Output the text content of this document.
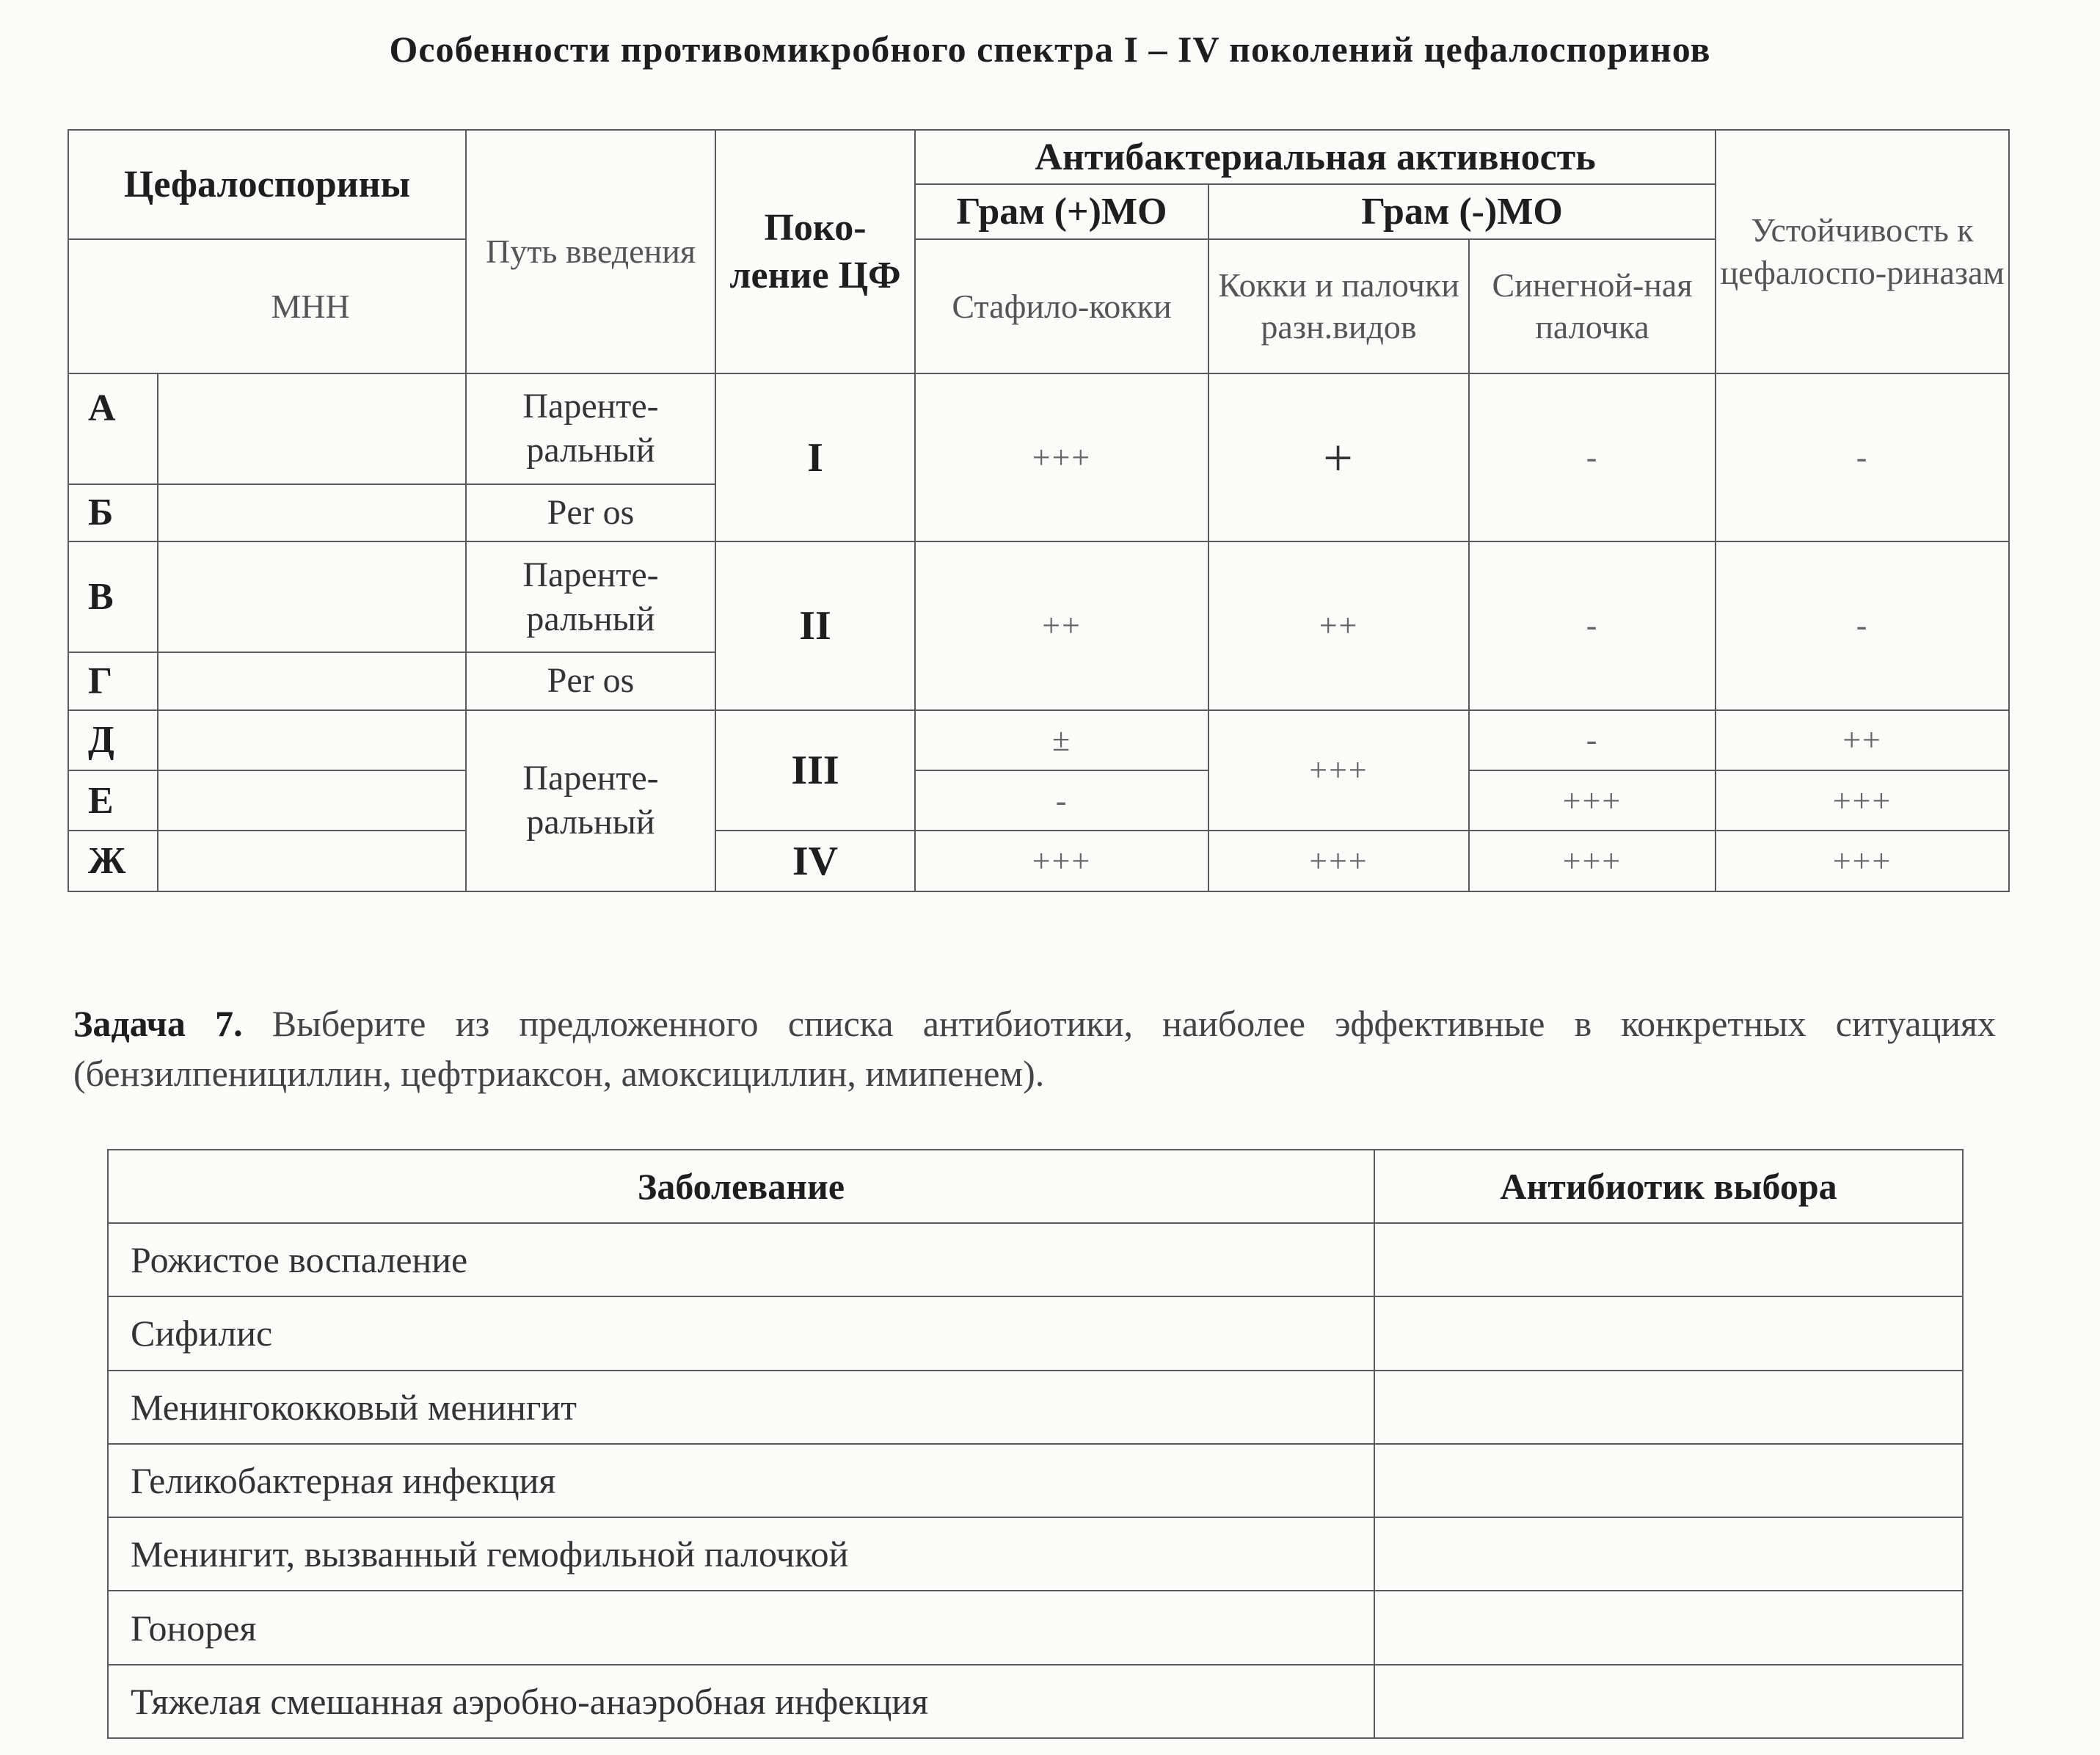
Особенности противомикробного спектра I – IV поколений цефалоспоринов
Цефалоспорины		Путь введения	Поко-ление ЦФ	Антибактериальная активность			Устойчивость к цефалоспо-риназам
				Грам (+)МО	Грам (-)МО		
МНН				Стафило-кокки	Кокки и палочки разн.видов	Синегной-ная палочка	

А		Паренте-ральный	I	+++	+	-	-
Б		Per os					
В		Паренте-ральный	II	++	++	-	-
Г		Per os					
Д		Паренте-ральный	III	±	+++	-	++
Е				-		+++	+++
Ж			IV	+++	+++	+++	+++
Задача 7. Выберите из предложенного списка антибиотики, наиболее эффективные в конкретных ситуациях (бензилпенициллин, цефтриаксон, амоксициллин, имипенем).
Заболевание	Антибиотик выбора
Рожистое воспаление	
Сифилис	
Менингококковый менингит	
Геликобактерная инфекция	
Менингит, вызванный гемофильной палочкой	
Гонорея	
Тяжелая смешанная аэробно-анаэробная инфекция	
